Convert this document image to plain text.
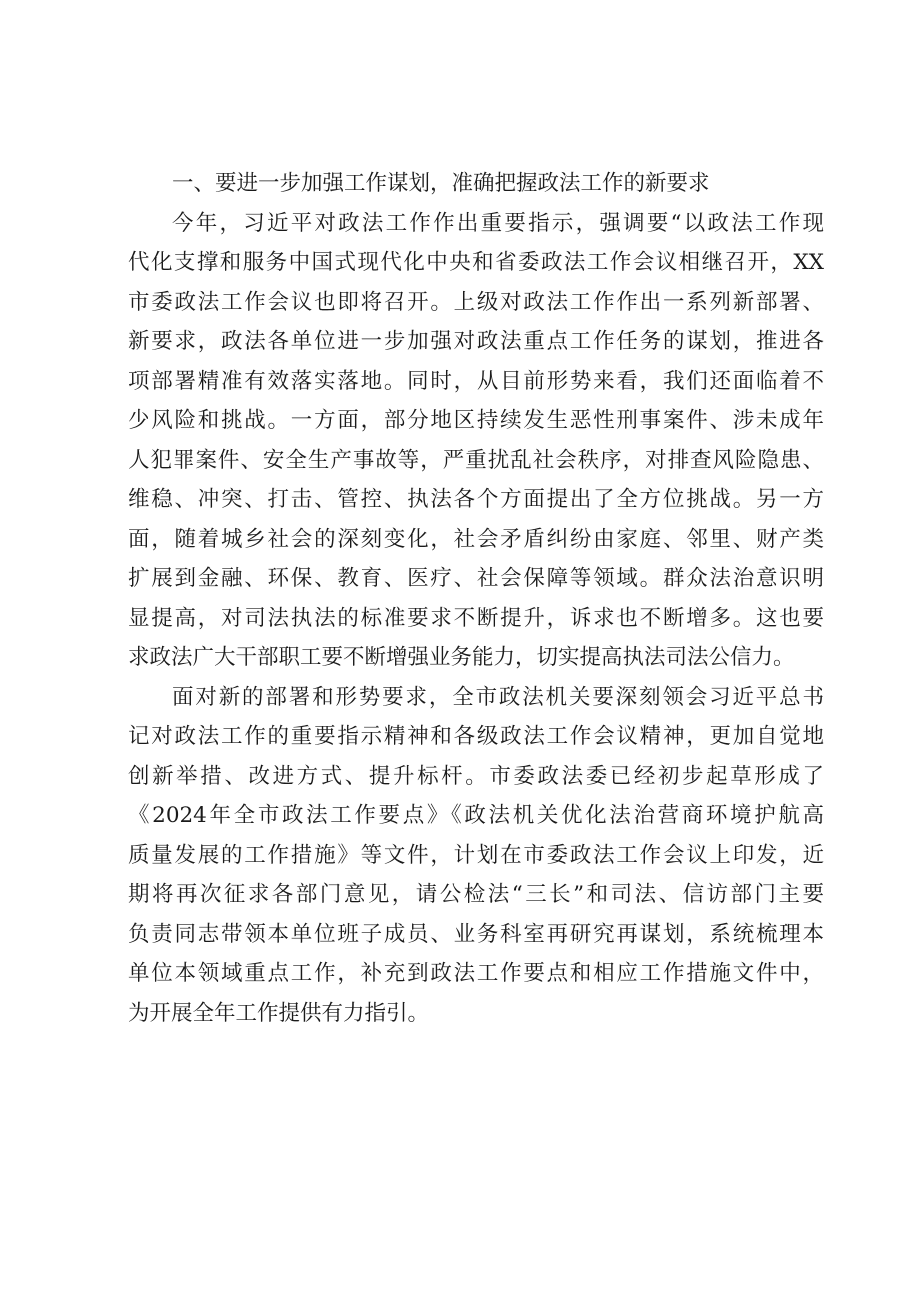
一、要进一步加强工作谋划，准确把握政法工作的新要求

今年，习近平对政法工作作出重要指示，强调要“以政法工作现
代化支撑和服务中国式现代化中央和省委政法工作会议相继召开，XX
市委政法工作会议也即将召开。上级对政法工作作出一系列新部署、
新要求，政法各单位进一步加强对政法重点工作任务的谋划，推进各
项部署精准有效落实落地。同时，从目前形势来看，我们还面临着不
少风险和挑战。一方面，部分地区持续发生恶性刑事案件、涉未成年
人犯罪案件、安全生产事故等，严重扰乱社会秩序，对排查风险隐患、
维稳、冲突、打击、管控、执法各个方面提出了全方位挑战。另一方
面，随着城乡社会的深刻变化，社会矛盾纠纷由家庭、邻里、财产类
扩展到金融、环保、教育、医疗、社会保障等领域。群众法治意识明
显提高，对司法执法的标准要求不断提升，诉求也不断增多。这也要
求政法广大干部职工要不断增强业务能力，切实提高执法司法公信力。
面对新的部署和形势要求，全市政法机关要深刻领会习近平总书
记对政法工作的重要指示精神和各级政法工作会议精神，更加自觉地
创新举措、改进方式、提升标杆。市委政法委已经初步起草形成了
《2024年全市政法工作要点》《政法机关优化法治营商环境护航高
质量发展的工作措施》等文件，计划在市委政法工作会议上印发，近
期将再次征求各部门意见，请公检法“三长”和司法、信访部门主要
负责同志带领本单位班子成员、业务科室再研究再谋划，系统梳理本
单位本领域重点工作，补充到政法工作要点和相应工作措施文件中，
为开展全年工作提供有力指引。
